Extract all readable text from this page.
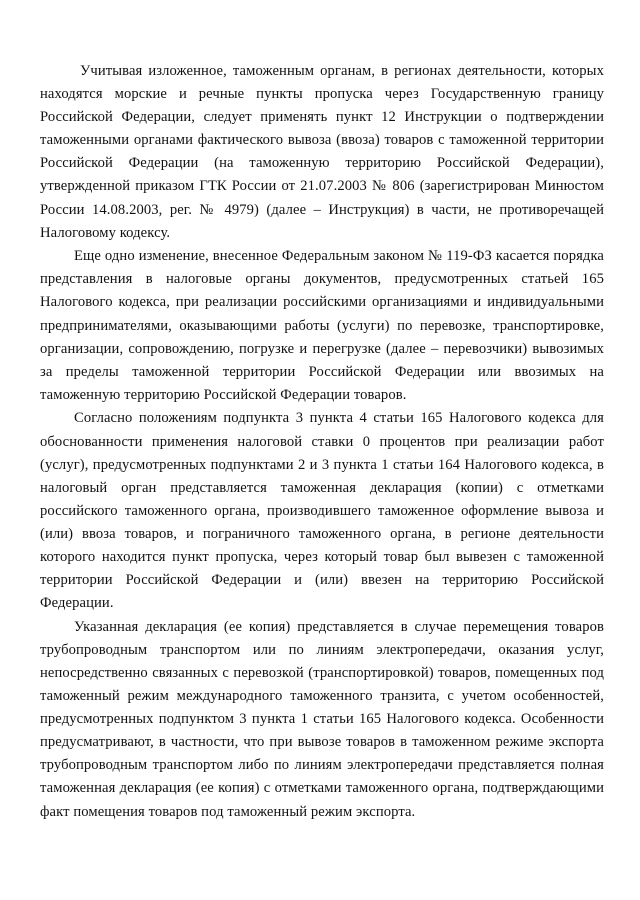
Учитывая изложенное, таможенным органам, в регионах деятельности, которых находятся морские и речные пункты пропуска через Государственную границу Российской Федерации, следует применять пункт 12 Инструкции о подтверждении таможенными органами фактического вывоза (ввоза) товаров с таможенной территории Российской Федерации (на таможенную территорию Российской Федерации), утвержденной приказом ГТК России от 21.07.2003 № 806 (зарегистрирован Минюстом России 14.08.2003, рег. № 4979) (далее – Инструкция) в части, не противоречащей Налоговому кодексу.

Еще одно изменение, внесенное Федеральным законом № 119-ФЗ касается порядка представления в налоговые органы документов, предусмотренных статьей 165 Налогового кодекса, при реализации российскими организациями и индивидуальными предпринимателями, оказывающими работы (услуги) по перевозке, транспортировке, организации, сопровождению, погрузке и перегрузке (далее – перевозчики) вывозимых за пределы таможенной территории Российской Федерации или ввозимых на таможенную территорию Российской Федерации товаров.

Согласно положениям подпункта 3 пункта 4 статьи 165 Налогового кодекса для обоснованности применения налоговой ставки 0 процентов при реализации работ (услуг), предусмотренных подпунктами 2 и 3 пункта 1 статьи 164 Налогового кодекса, в налоговый орган представляется таможенная декларация (копии) с отметками российского таможенного органа, производившего таможенное оформление вывоза и (или) ввоза товаров, и пограничного таможенного органа, в регионе деятельности которого находится пункт пропуска, через который товар был вывезен с таможенной территории Российской Федерации и (или) ввезен на территорию Российской Федерации.

Указанная декларация (ее копия) представляется в случае перемещения товаров трубопроводным транспортом или по линиям электропередачи, оказания услуг, непосредственно связанных с перевозкой (транспортировкой) товаров, помещенных под таможенный режим международного таможенного транзита, с учетом особенностей, предусмотренных подпунктом 3 пункта 1 статьи 165 Налогового кодекса. Особенности предусматривают, в частности, что при вывозе товаров в таможенном режиме экспорта трубопроводным транспортом либо по линиям электропередачи представляется полная таможенная декларация (ее копия) с отметками таможенного органа, подтверждающими факт помещения товаров под таможенный режим экспорта.
